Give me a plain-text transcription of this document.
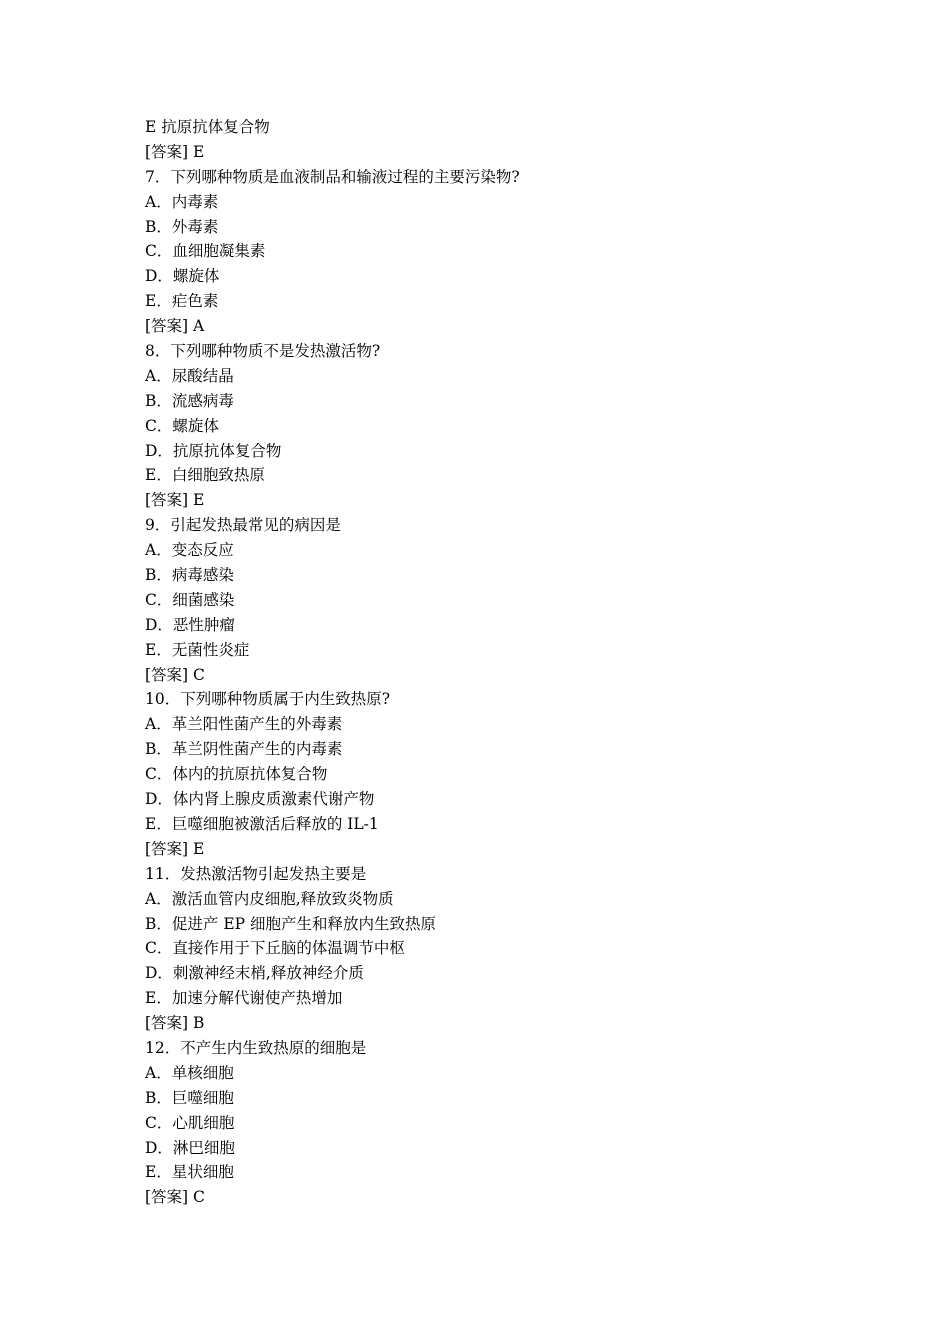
E 抗原抗体复合物

[答案] E

7．下列哪种物质是血液制品和输液过程的主要污染物?

A．内毒素

B．外毒素

C．血细胞凝集素

D．螺旋体

E．疟色素

[答案] A

8．下列哪种物质不是发热激活物?

A．尿酸结晶

B．流感病毒

C．螺旋体

D．抗原抗体复合物

E．白细胞致热原

[答案] E

9．引起发热最常见的病因是

A．变态反应

B．病毒感染

C．细菌感染

D．恶性肿瘤

E．无菌性炎症

[答案] C

10．下列哪种物质属于内生致热原?

A．革兰阳性菌产生的外毒素

B．革兰阴性菌产生的内毒素

C．体内的抗原抗体复合物

D．体内肾上腺皮质激素代谢产物

E．巨噬细胞被激活后释放的 IL-1

[答案] E

11．发热激活物引起发热主要是

A．激活血管内皮细胞,释放致炎物质

B．促进产 EP 细胞产生和释放内生致热原

C．直接作用于下丘脑的体温调节中枢

D．刺激神经末梢,释放神经介质

E．加速分解代谢使产热增加

[答案] B

12．不产生内生致热原的细胞是

A．单核细胞

B．巨噬细胞

C．心肌细胞

D．淋巴细胞

E．星状细胞

[答案] C
